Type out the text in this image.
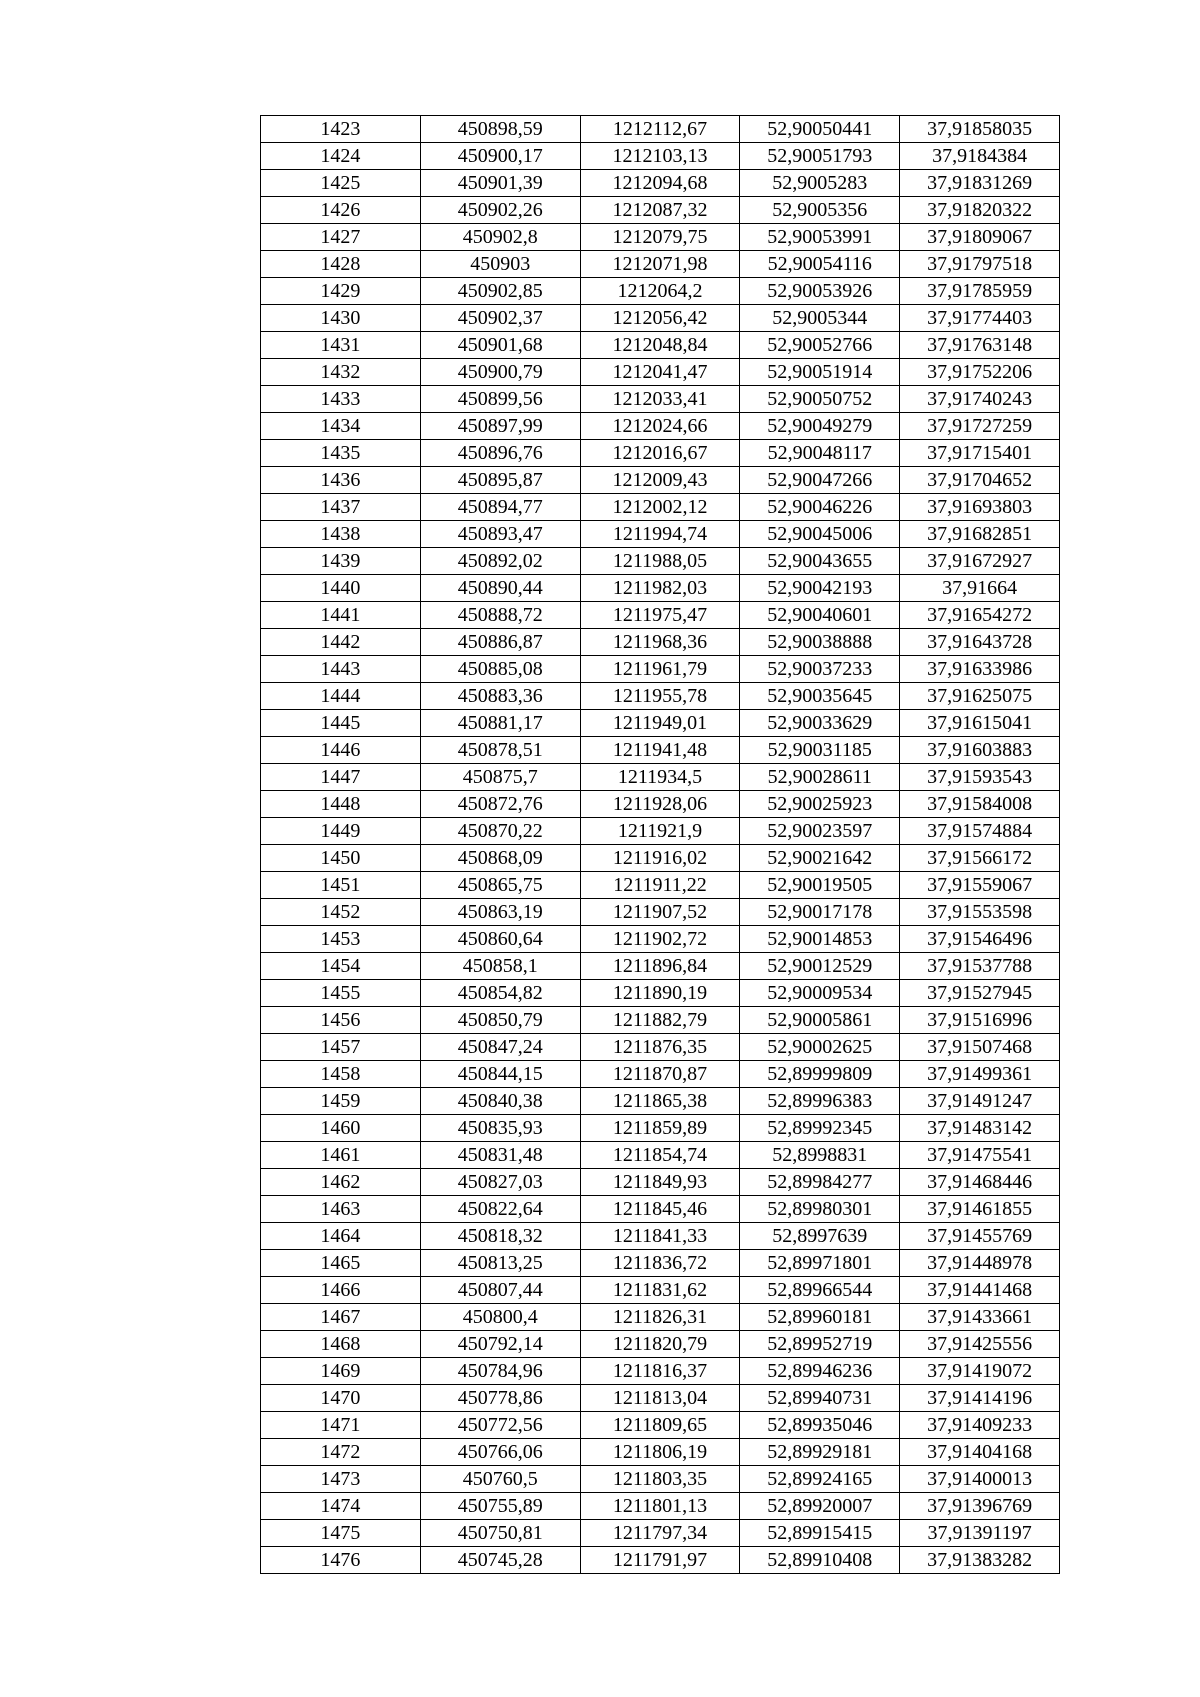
1423	450898,59	1212112,67	52,90050441	37,91858035
1424	450900,17	1212103,13	52,90051793	37,9184384
1425	450901,39	1212094,68	52,9005283	37,91831269
1426	450902,26	1212087,32	52,9005356	37,91820322
1427	450902,8	1212079,75	52,90053991	37,91809067
1428	450903	1212071,98	52,90054116	37,91797518
1429	450902,85	1212064,2	52,90053926	37,91785959
1430	450902,37	1212056,42	52,9005344	37,91774403
1431	450901,68	1212048,84	52,90052766	37,91763148
1432	450900,79	1212041,47	52,90051914	37,91752206
1433	450899,56	1212033,41	52,90050752	37,91740243
1434	450897,99	1212024,66	52,90049279	37,91727259
1435	450896,76	1212016,67	52,90048117	37,91715401
1436	450895,87	1212009,43	52,90047266	37,91704652
1437	450894,77	1212002,12	52,90046226	37,91693803
1438	450893,47	1211994,74	52,90045006	37,91682851
1439	450892,02	1211988,05	52,90043655	37,91672927
1440	450890,44	1211982,03	52,90042193	37,91664
1441	450888,72	1211975,47	52,90040601	37,91654272
1442	450886,87	1211968,36	52,90038888	37,91643728
1443	450885,08	1211961,79	52,90037233	37,91633986
1444	450883,36	1211955,78	52,90035645	37,91625075
1445	450881,17	1211949,01	52,90033629	37,91615041
1446	450878,51	1211941,48	52,90031185	37,91603883
1447	450875,7	1211934,5	52,90028611	37,91593543
1448	450872,76	1211928,06	52,90025923	37,91584008
1449	450870,22	1211921,9	52,90023597	37,91574884
1450	450868,09	1211916,02	52,90021642	37,91566172
1451	450865,75	1211911,22	52,90019505	37,91559067
1452	450863,19	1211907,52	52,90017178	37,91553598
1453	450860,64	1211902,72	52,90014853	37,91546496
1454	450858,1	1211896,84	52,90012529	37,91537788
1455	450854,82	1211890,19	52,90009534	37,91527945
1456	450850,79	1211882,79	52,90005861	37,91516996
1457	450847,24	1211876,35	52,90002625	37,91507468
1458	450844,15	1211870,87	52,89999809	37,91499361
1459	450840,38	1211865,38	52,89996383	37,91491247
1460	450835,93	1211859,89	52,89992345	37,91483142
1461	450831,48	1211854,74	52,8998831	37,91475541
1462	450827,03	1211849,93	52,89984277	37,91468446
1463	450822,64	1211845,46	52,89980301	37,91461855
1464	450818,32	1211841,33	52,8997639	37,91455769
1465	450813,25	1211836,72	52,89971801	37,91448978
1466	450807,44	1211831,62	52,89966544	37,91441468
1467	450800,4	1211826,31	52,89960181	37,91433661
1468	450792,14	1211820,79	52,89952719	37,91425556
1469	450784,96	1211816,37	52,89946236	37,91419072
1470	450778,86	1211813,04	52,89940731	37,91414196
1471	450772,56	1211809,65	52,89935046	37,91409233
1472	450766,06	1211806,19	52,89929181	37,91404168
1473	450760,5	1211803,35	52,89924165	37,91400013
1474	450755,89	1211801,13	52,89920007	37,91396769
1475	450750,81	1211797,34	52,89915415	37,91391197
1476	450745,28	1211791,97	52,89910408	37,91383282
